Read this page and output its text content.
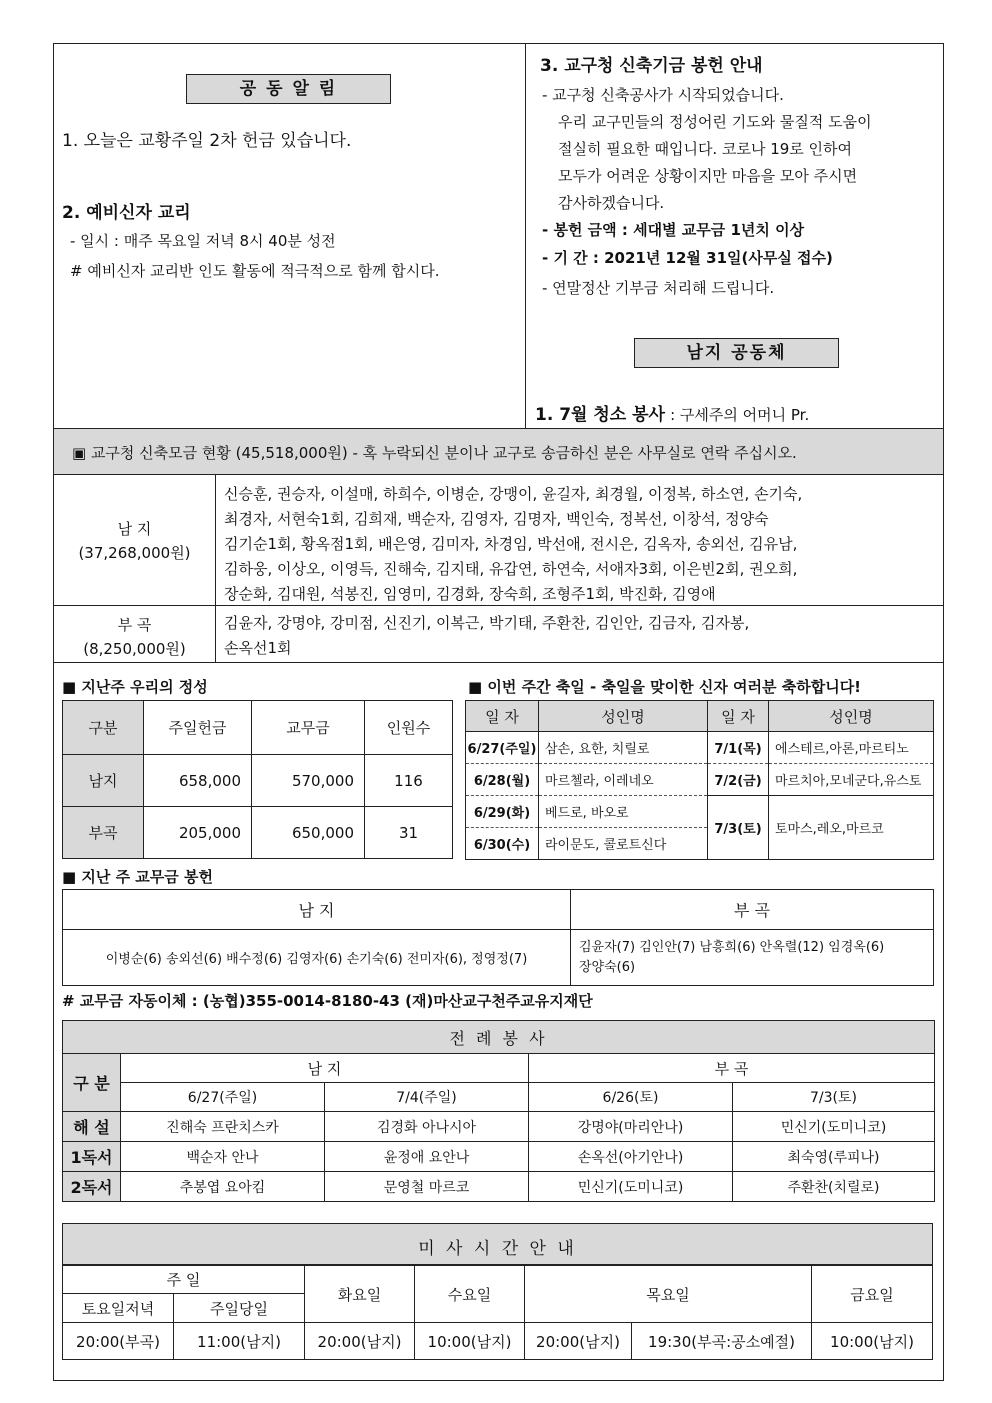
공 동 알 림
1. 오늘은 교황주일 2차 헌금 있습니다.
2. 예비신자 교리
- 일시 : 매주 목요일 저녁 8시 40분 성전
# 예비신자 교리반 인도 활동에 적극적으로 함께 합시다.
3. 교구청 신축기금 봉헌 안내
- 교구청 신축공사가 시작되었습니다.
우리 교구민들의 정성어린 기도와 물질적 도움이
절실히 필요한 때입니다. 코로나 19로 인하여
모두가 어려운 상황이지만 마음을 모아 주시면
감사하겠습니다.
- 봉헌 금액 : 세대별 교무금 1년치 이상
- 기 간 : 2021년 12월 31일(사무실 접수)
- 연말정산 기부금 처리해 드립니다.
남지 공동체
1. 7월 청소 봉사 : 구세주의 어머니 Pr.
▣ 교구청 신축모금 현황 (45,518,000원) - 혹 누락되신 분이나 교구로 송금하신 분은 사무실로 연락 주십시오.
남 지
(37,268,000원)
신승훈, 권승자, 이설매, 하희수, 이병순, 강맹이, 윤길자, 최경월, 이정복, 하소연, 손기숙,
최경자, 서현숙1회, 김희재, 백순자, 김영자, 김명자, 백인숙, 정복선, 이창석, 정양숙
김기순1회, 황옥점1회, 배은영, 김미자, 차경임, 박선애, 전시은, 김옥자, 송외선, 김유남,
김하웅, 이상오, 이영득, 진해숙, 김지태, 유갑연, 하연숙, 서애자3회, 이은빈2회, 권오희,
장순화, 김대원, 석봉진, 임영미, 김경화, 장숙희, 조형주1회, 박진화, 김영애
부 곡
(8,250,000원)
김윤자, 강명야, 강미점, 신진기, 이복근, 박기태, 주환찬, 김인안, 김금자, 김자봉,
손옥선1회
■ 지난주 우리의 정성
구분	주일헌금	교무금	인원수
남지	658,000	570,000	116
부곡	205,000	650,000	31
■ 이번 주간 축일 - 축일을 맞이한 신자 여러분 축하합니다!
일 자	성인명	일 자	성인명
6/27(주일)	삼손, 요한, 치릴로	7/1(목)	에스테르,아론,마르티노
6/28(월)	마르첼라, 이레네오	7/2(금)	마르치아,모네군다,유스토
6/29(화)	베드로, 바오로	7/3(토)	토마스,레오,마르코
6/30(수)	라이문도, 콜로트신다		
■ 지난 주 교무금 봉헌
남 지	부 곡
이병순(6) 송외선(6) 배수정(6) 김영자(6) 손기숙(6) 전미자(6), 정영정(7)	김윤자(7) 김인안(7) 남흥희(6) 안옥렬(12) 임경옥(6)
장양숙(6)
# 교무금 자동이체 : (농협)355-0014-8180-43 (재)마산교구천주교유지재단
전 례 봉 사				
구 분	남 지		부 곡	
	6/27(주일)	7/4(주일)	6/26(토)	7/3(토)
해 설	진해숙 프란치스카	김경화 아나시아	강명야(마리안나)	민신기(도미니코)
1독서	백순자 안나	윤정애 요안나	손옥선(아기안나)	최숙영(루피나)
2독서	추봉엽 요아킴	문영철 마르코	민신기(도미니코)	주환찬(치릴로)
미 사 시 간 안 내
주 일		화요일	수요일	목요일		금요일
토요일저녁	주일당일					
20:00(부곡)	11:00(남지)	20:00(남지)	10:00(남지)	20:00(남지)	19:30(부곡:공소예절)	10:00(남지)
